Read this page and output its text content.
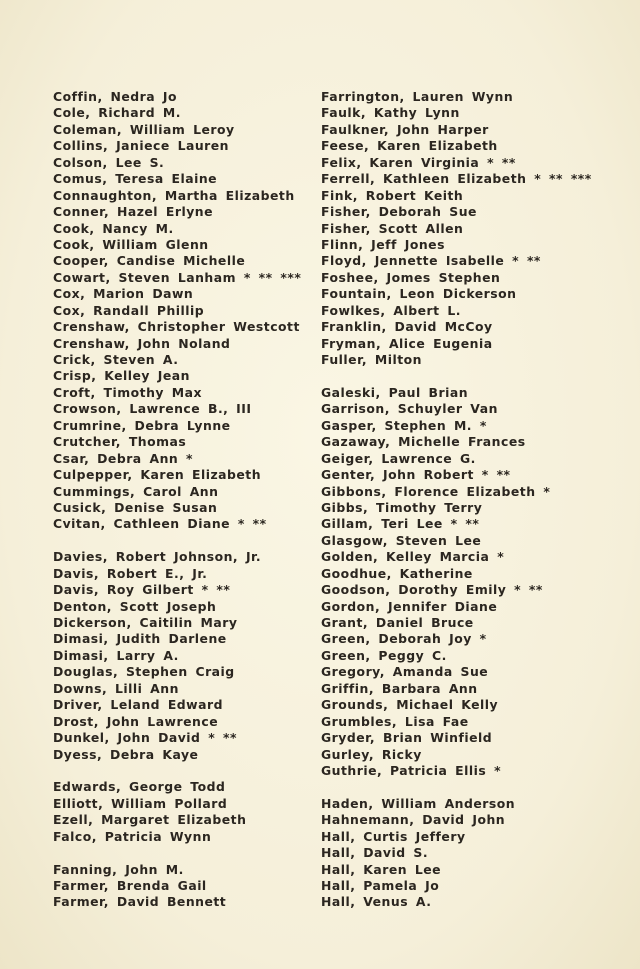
Coffin, Nedra Jo
Cole, Richard M.
Coleman, William Leroy
Collins, Janiece Lauren
Colson, Lee S.
Comus, Teresa Elaine
Connaughton, Martha Elizabeth
Conner, Hazel Erlyne
Cook, Nancy M.
Cook, William Glenn
Cooper, Candise Michelle
Cowart, Steven Lanham * ** ***
Cox, Marion Dawn
Cox, Randall Phillip
Crenshaw, Christopher Westcott
Crenshaw, John Noland
Crick, Steven A.
Crisp, Kelley Jean
Croft, Timothy Max
Crowson, Lawrence B., III
Crumrine, Debra Lynne
Crutcher, Thomas
Csar, Debra Ann *
Culpepper, Karen Elizabeth
Cummings, Carol Ann
Cusick, Denise Susan
Cvitan, Cathleen Diane * **
Davies, Robert Johnson, Jr.
Davis, Robert E., Jr.
Davis, Roy Gilbert * **
Denton, Scott Joseph
Dickerson, Caitilin Mary
Dimasi, Judith Darlene
Dimasi, Larry A.
Douglas, Stephen Craig
Downs, Lilli Ann
Driver, Leland Edward
Drost, John Lawrence
Dunkel, John David * **
Dyess, Debra Kaye
Edwards, George Todd
Elliott, William Pollard
Ezell, Margaret Elizabeth
Falco, Patricia Wynn
Fanning, John M.
Farmer, Brenda Gail
Farmer, David Bennett
Farrington, Lauren Wynn
Faulk, Kathy Lynn
Faulkner, John Harper
Feese, Karen Elizabeth
Felix, Karen Virginia * **
Ferrell, Kathleen Elizabeth * ** ***
Fink, Robert Keith
Fisher, Deborah Sue
Fisher, Scott Allen
Flinn, Jeff Jones
Floyd, Jennette Isabelle * **
Foshee, Jomes Stephen
Fountain, Leon Dickerson
Fowlkes, Albert L.
Franklin, David McCoy
Fryman, Alice Eugenia
Fuller, Milton
Galeski, Paul Brian
Garrison, Schuyler Van
Gasper, Stephen M. *
Gazaway, Michelle Frances
Geiger, Lawrence G.
Genter, John Robert * **
Gibbons, Florence Elizabeth *
Gibbs, Timothy Terry
Gillam, Teri Lee * **
Glasgow, Steven Lee
Golden, Kelley Marcia *
Goodhue, Katherine
Goodson, Dorothy Emily * **
Gordon, Jennifer Diane
Grant, Daniel Bruce
Green, Deborah Joy *
Green, Peggy C.
Gregory, Amanda Sue
Griffin, Barbara Ann
Grounds, Michael Kelly
Grumbles, Lisa Fae
Gryder, Brian Winfield
Gurley, Ricky
Guthrie, Patricia Ellis *
Haden, William Anderson
Hahnemann, David John
Hall, Curtis Jeffery
Hall, David S.
Hall, Karen Lee
Hall, Pamela Jo
Hall, Venus A.
